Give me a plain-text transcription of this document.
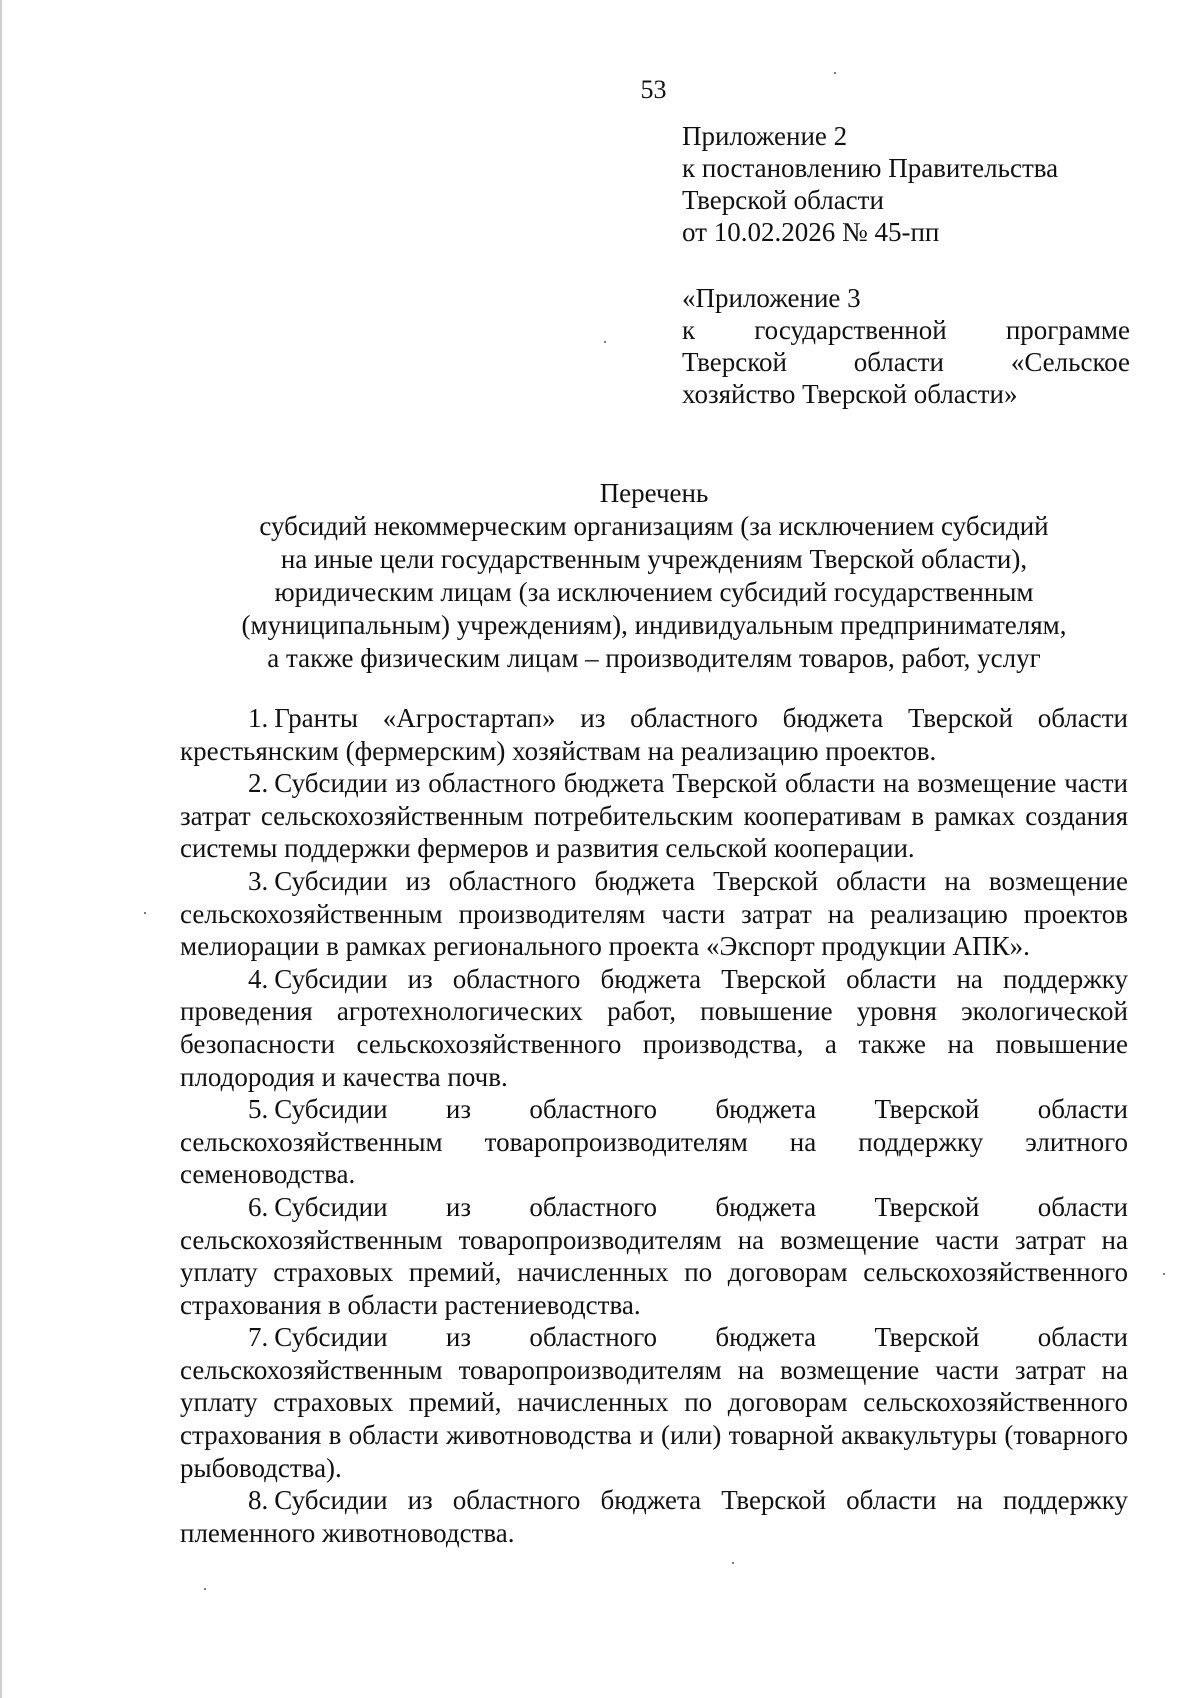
53
Приложение 2
к постановлению Правительства
Тверской области
от 10.02.2026 № 45-пп
«Приложение 3
к государственной программе Тверской области «Сельское
хозяйство Тверской области»
Перечень
субсидий некоммерческим организациям (за исключением субсидий
на иные цели государственным учреждениям Тверской области),
юридическим лицам (за исключением субсидий государственным
(муниципальным) учреждениям), индивидуальным предпринимателям,
а также физическим лицам – производителям товаров, работ, услуг

1. Гранты «Агростартап» из областного бюджета Тверской области крестьянским (фермерским) хозяйствам на реализацию проектов.

2. Субсидии из областного бюджета Тверской области на возмещение части затрат сельскохозяйственным потребительским кооперативам в рамках создания системы поддержки фермеров и развития сельской кооперации.

3. Субсидии из областного бюджета Тверской области на возмещение сельскохозяйственным производителям части затрат на реализацию проектов мелиорации в рамках регионального проекта «Экспорт продукции АПК».

4. Субсидии из областного бюджета Тверской области на поддержку проведения агротехнологических работ, повышение уровня экологической безопасности сельскохозяйственного производства, а также на повышение плодородия и качества почв.

5. Субсидии из областного бюджета Тверской области сельскохозяйственным товаропроизводителям на поддержку элитного семеноводства.

6. Субсидии из областного бюджета Тверской области сельскохозяйственным товаропроизводителям на возмещение части затрат на уплату страховых премий, начисленных по договорам сельскохозяйственного страхования в области растениеводства.

7. Субсидии из областного бюджета Тверской области сельскохозяйственным товаропроизводителям на возмещение части затрат на уплату страховых премий, начисленных по договорам сельскохозяйственного страхования в области животноводства и (или) товарной аквакультуры (товарного рыбоводства).

8. Субсидии из областного бюджета Тверской области на поддержку племенного животноводства.
